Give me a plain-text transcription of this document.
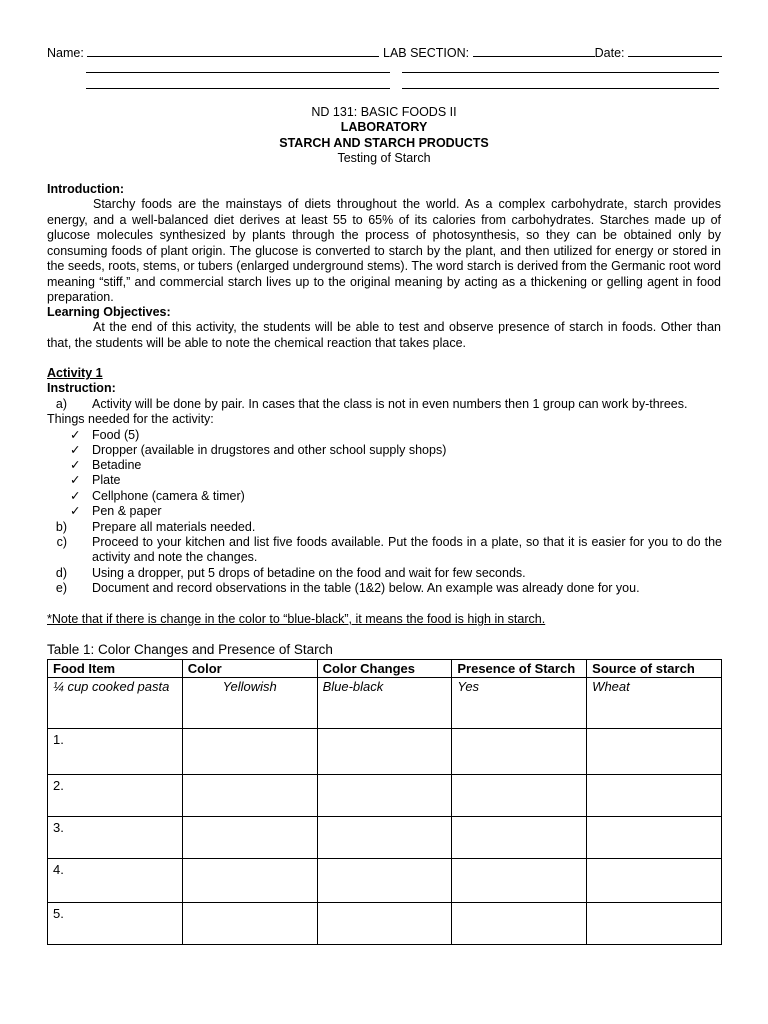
Name:	LAB SECTION:	Date:
ND 131: BASIC FOODS II
LABORATORY
STARCH AND STARCH PRODUCTS
Testing of Starch
Introduction:
Starchy foods are the mainstays of diets throughout the world. As a complex carbohydrate, starch provides energy, and a well-balanced diet derives at least 55 to 65% of its calories from carbohydrates. Starches made up of glucose molecules synthesized by plants through the process of photosynthesis, so they can be obtained only by consuming foods of plant origin. The glucose is converted to starch by the plant, and then utilized for energy or stored in the seeds, roots, stems, or tubers (enlarged underground stems). The word starch is derived from the Germanic root word meaning “stiff,” and commercial starch lives up to the original meaning by acting as a thickening or gelling agent in food preparation.
Learning Objectives:
At the end of this activity, the students will be able to test and observe presence of starch in foods. Other than that, the students will be able to note the chemical reaction that takes place.
Activity 1
Instruction:
a) Activity will be done by pair. In cases that the class is not in even numbers then 1 group can work by-threes.
Things needed for the activity:
✓ Food (5)
✓ Dropper (available in drugstores and other school supply shops)
✓ Betadine
✓ Plate
✓ Cellphone (camera & timer)
✓ Pen & paper
b) Prepare all materials needed.
c) Proceed to your kitchen and list five foods available. Put the foods in a plate, so that it is easier for you to do the activity and note the changes.
d) Using a dropper, put 5 drops of betadine on the food and wait for few seconds.
e) Document and record observations in the table (1&2) below. An example was already done for you.
*Note that if there is change in the color to “blue-black”, it means the food is high in starch.
Table 1: Color Changes and Presence of Starch
Food Item	Color	Color Changes	Presence of Starch	Source of starch
¼ cup cooked pasta	Yellowish	Blue-black	Yes	Wheat
1.				
2.				
3.				
4.				
5.				
